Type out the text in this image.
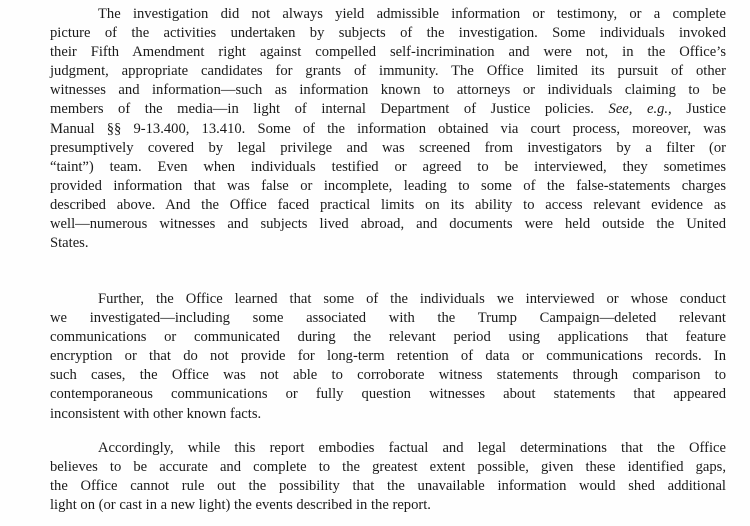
The investigation did not always yield admissible information or testimony, or a complete
picture of the activities undertaken by subjects of the investigation. Some individuals invoked
their Fifth Amendment right against compelled self-incrimination and were not, in the Office’s
judgment, appropriate candidates for grants of immunity. The Office limited its pursuit of other
witnesses and information—such as information known to attorneys or individuals claiming to be
members of the media—in light of internal Department of Justice policies. See, e.g., Justice
Manual §§ 9-13.400, 13.410. Some of the information obtained via court process, moreover, was
presumptively covered by legal privilege and was screened from investigators by a filter (or
“taint”) team. Even when individuals testified or agreed to be interviewed, they sometimes
provided information that was false or incomplete, leading to some of the false-statements charges
described above. And the Office faced practical limits on its ability to access relevant evidence as
well—numerous witnesses and subjects lived abroad, and documents were held outside the United
States.
Further, the Office learned that some of the individuals we interviewed or whose conduct
we investigated—including some associated with the Trump Campaign—deleted relevant
communications or communicated during the relevant period using applications that feature
encryption or that do not provide for long-term retention of data or communications records. In
such cases, the Office was not able to corroborate witness statements through comparison to
contemporaneous communications or fully question witnesses about statements that appeared
inconsistent with other known facts.
Accordingly, while this report embodies factual and legal determinations that the Office
believes to be accurate and complete to the greatest extent possible, given these identified gaps,
the Office cannot rule out the possibility that the unavailable information would shed additional
light on (or cast in a new light) the events described in the report.
